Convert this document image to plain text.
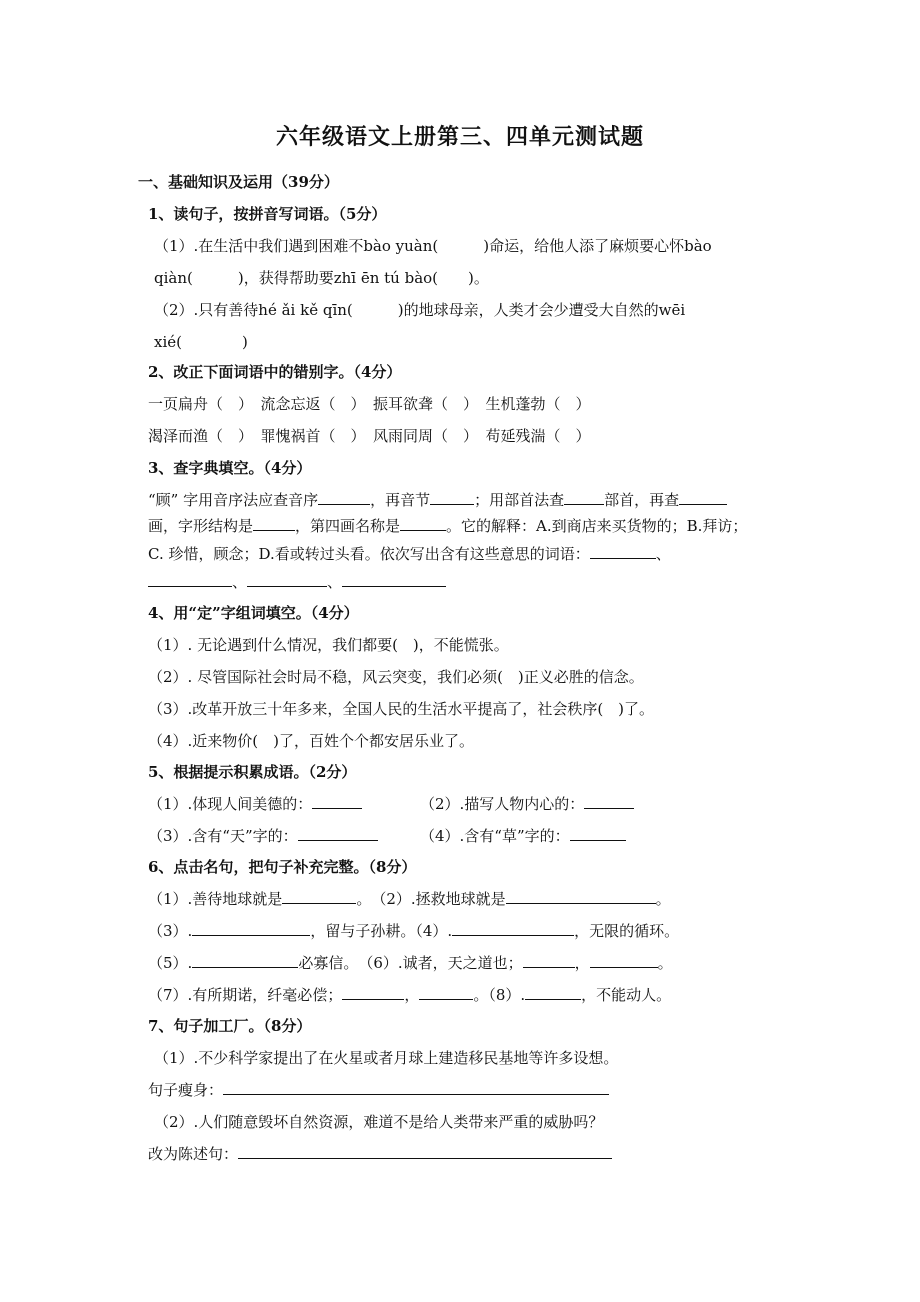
六年级语文上册第三、四单元测试题
一、基础知识及运用（39分）
1、读句子，按拼音写词语。（5分）
（1）.在生活中我们遇到困难不bào yuàn(　　　)命运，给他人添了麻烦要心怀bào
qiàn(　　　)，获得帮助要zhī ēn tú bào(　　)。
（2）.只有善待hé ǎi kě qīn(　　　)的地球母亲，人类才会少遭受大自然的wēi
xié(　　　　)
2、改正下面词语中的错别字。（4分）
一页扁舟（　）　流念忘返（　）　振耳欲聋（　）　生机蓬勃（　）
渴泽而渔（　）　罪愧祸首（　）　风雨同周（　）　苟延残湍（　）
3、查字典填空。（4分）
“顾” 字用音序法应查音序	，再音节	；用部首法查	部首，再查
画，字形结构是	，第四画名称是	。它的解释：A.到商店来买货物的；B.拜访；
C. 珍惜，顾念；D.看或转过头看。依次写出含有这些意思的词语：	、
、	、
4、用“定”字组词填空。（4分）
（1）. 无论遇到什么情况，我们都要(　)，不能慌张。
（2）. 尽管国际社会时局不稳，风云突变，我们必须(　)正义必胜的信念。
（3）.改革开放三十年多来，全国人民的生活水平提高了，社会秩序(　)了。
（4）.近来物价(　)了，百姓个个都安居乐业了。
5、根据提示积累成语。（2分）
（1）.体现人间美德的：	（2）.描写人物内心的：
（3）.含有“天”字的：	（4）.含有“草”字的：
6、点击名句，把句子补充完整。（8分）
（1）.善待地球就是	。　（2）.拯救地球就是	。
（3）.	，留与子孙耕。（4）.	，无限的循环。
（5）.	必寡信。　（6）.诚者，天之道也；	，	。
（7）.有所期诺，纤毫必偿；	，	。（8）.	，不能动人。
7、句子加工厂。（8分）
（1）.不少科学家提出了在火星或者月球上建造移民基地等许多设想。
句子瘦身：
（2）.人们随意毁坏自然资源，难道不是给人类带来严重的威胁吗？
改为陈述句：
